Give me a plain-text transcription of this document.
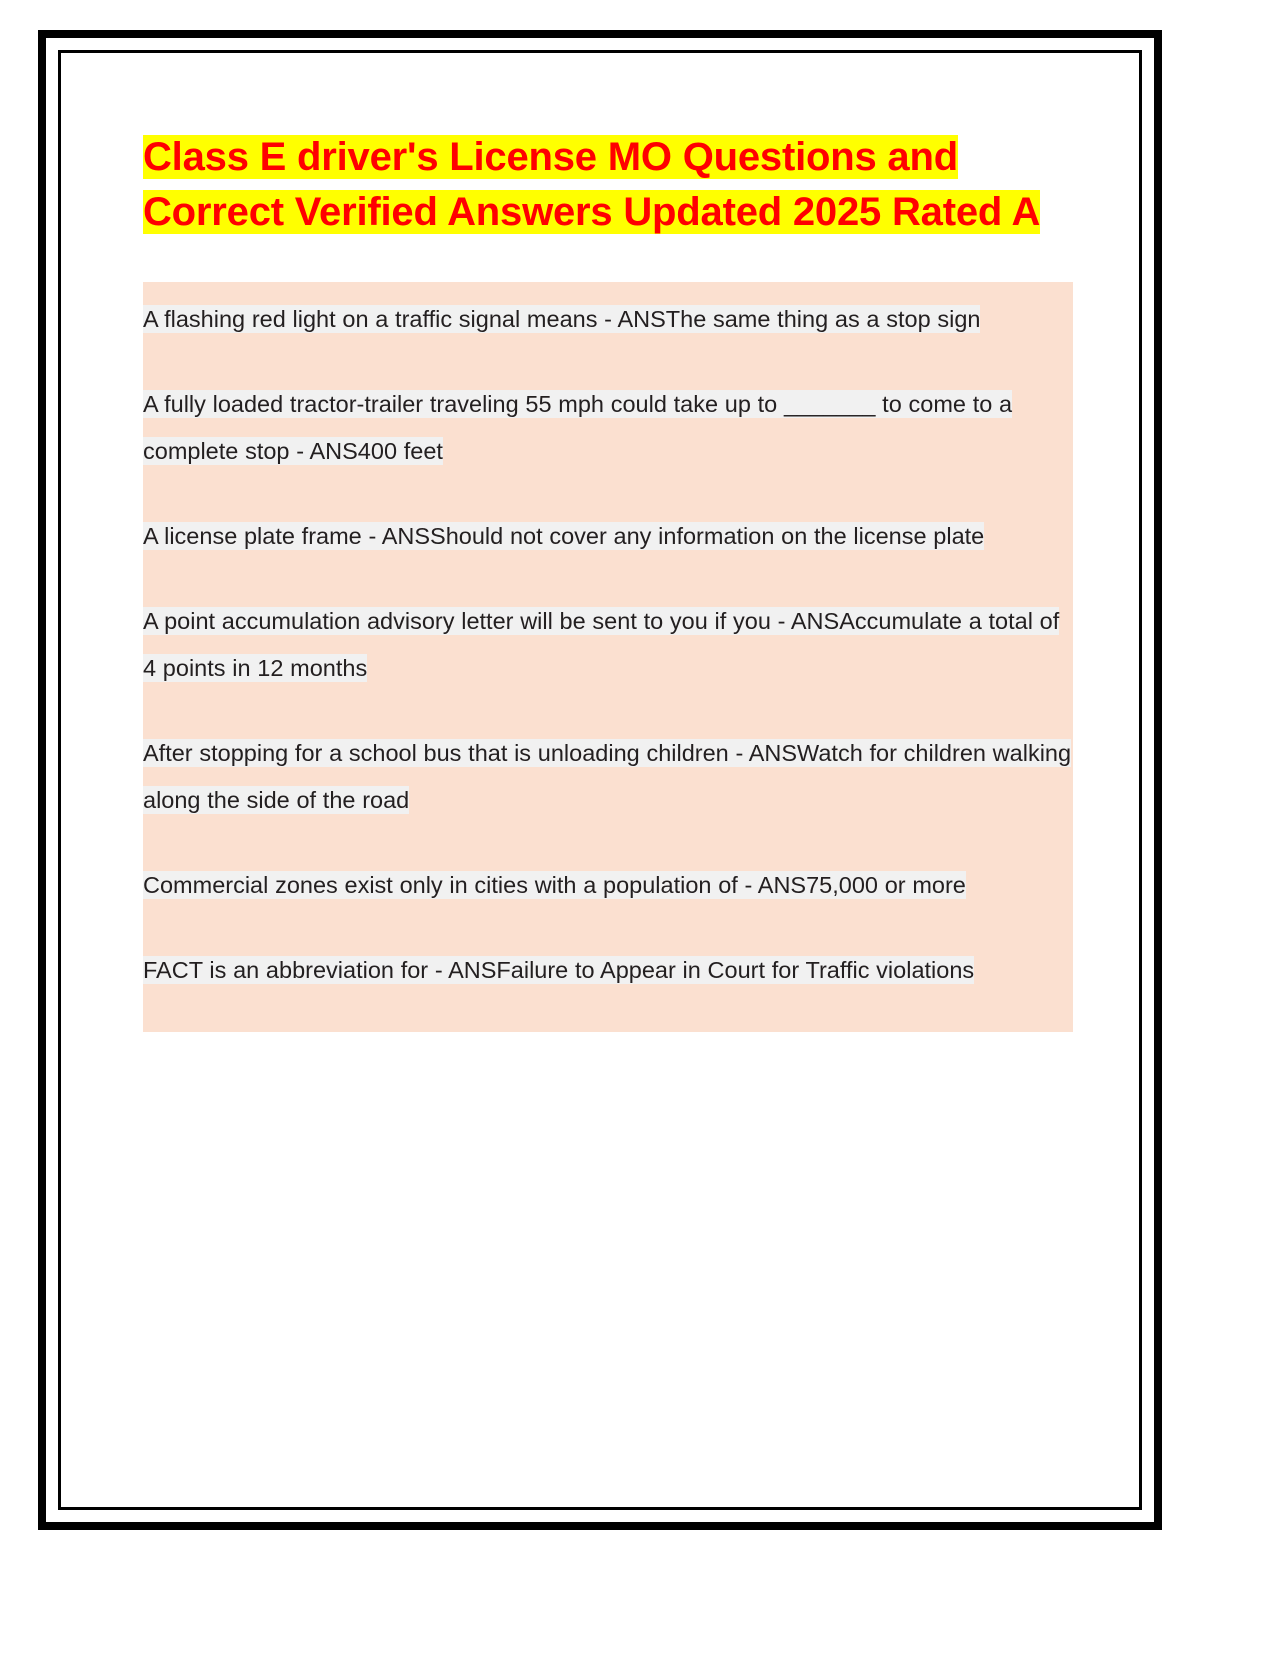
Class E driver's License MO Questions and Correct Verified Answers Updated 2025 Rated A

A flashing red light on a traffic signal means - ANSThe same thing as a stop sign

A fully loaded tractor-trailer traveling 55 mph could take up to _______ to come to a complete stop - ANS400 feet

A license plate frame - ANSShould not cover any information on the license plate

A point accumulation advisory letter will be sent to you if you - ANSAccumulate a total of 4 points in 12 months

After stopping for a school bus that is unloading children - ANSWatch for children walking along the side of the road

Commercial zones exist only in cities with a population of - ANS75,000 or more

FACT is an abbreviation for - ANSFailure to Appear in Court for Traffic violations
